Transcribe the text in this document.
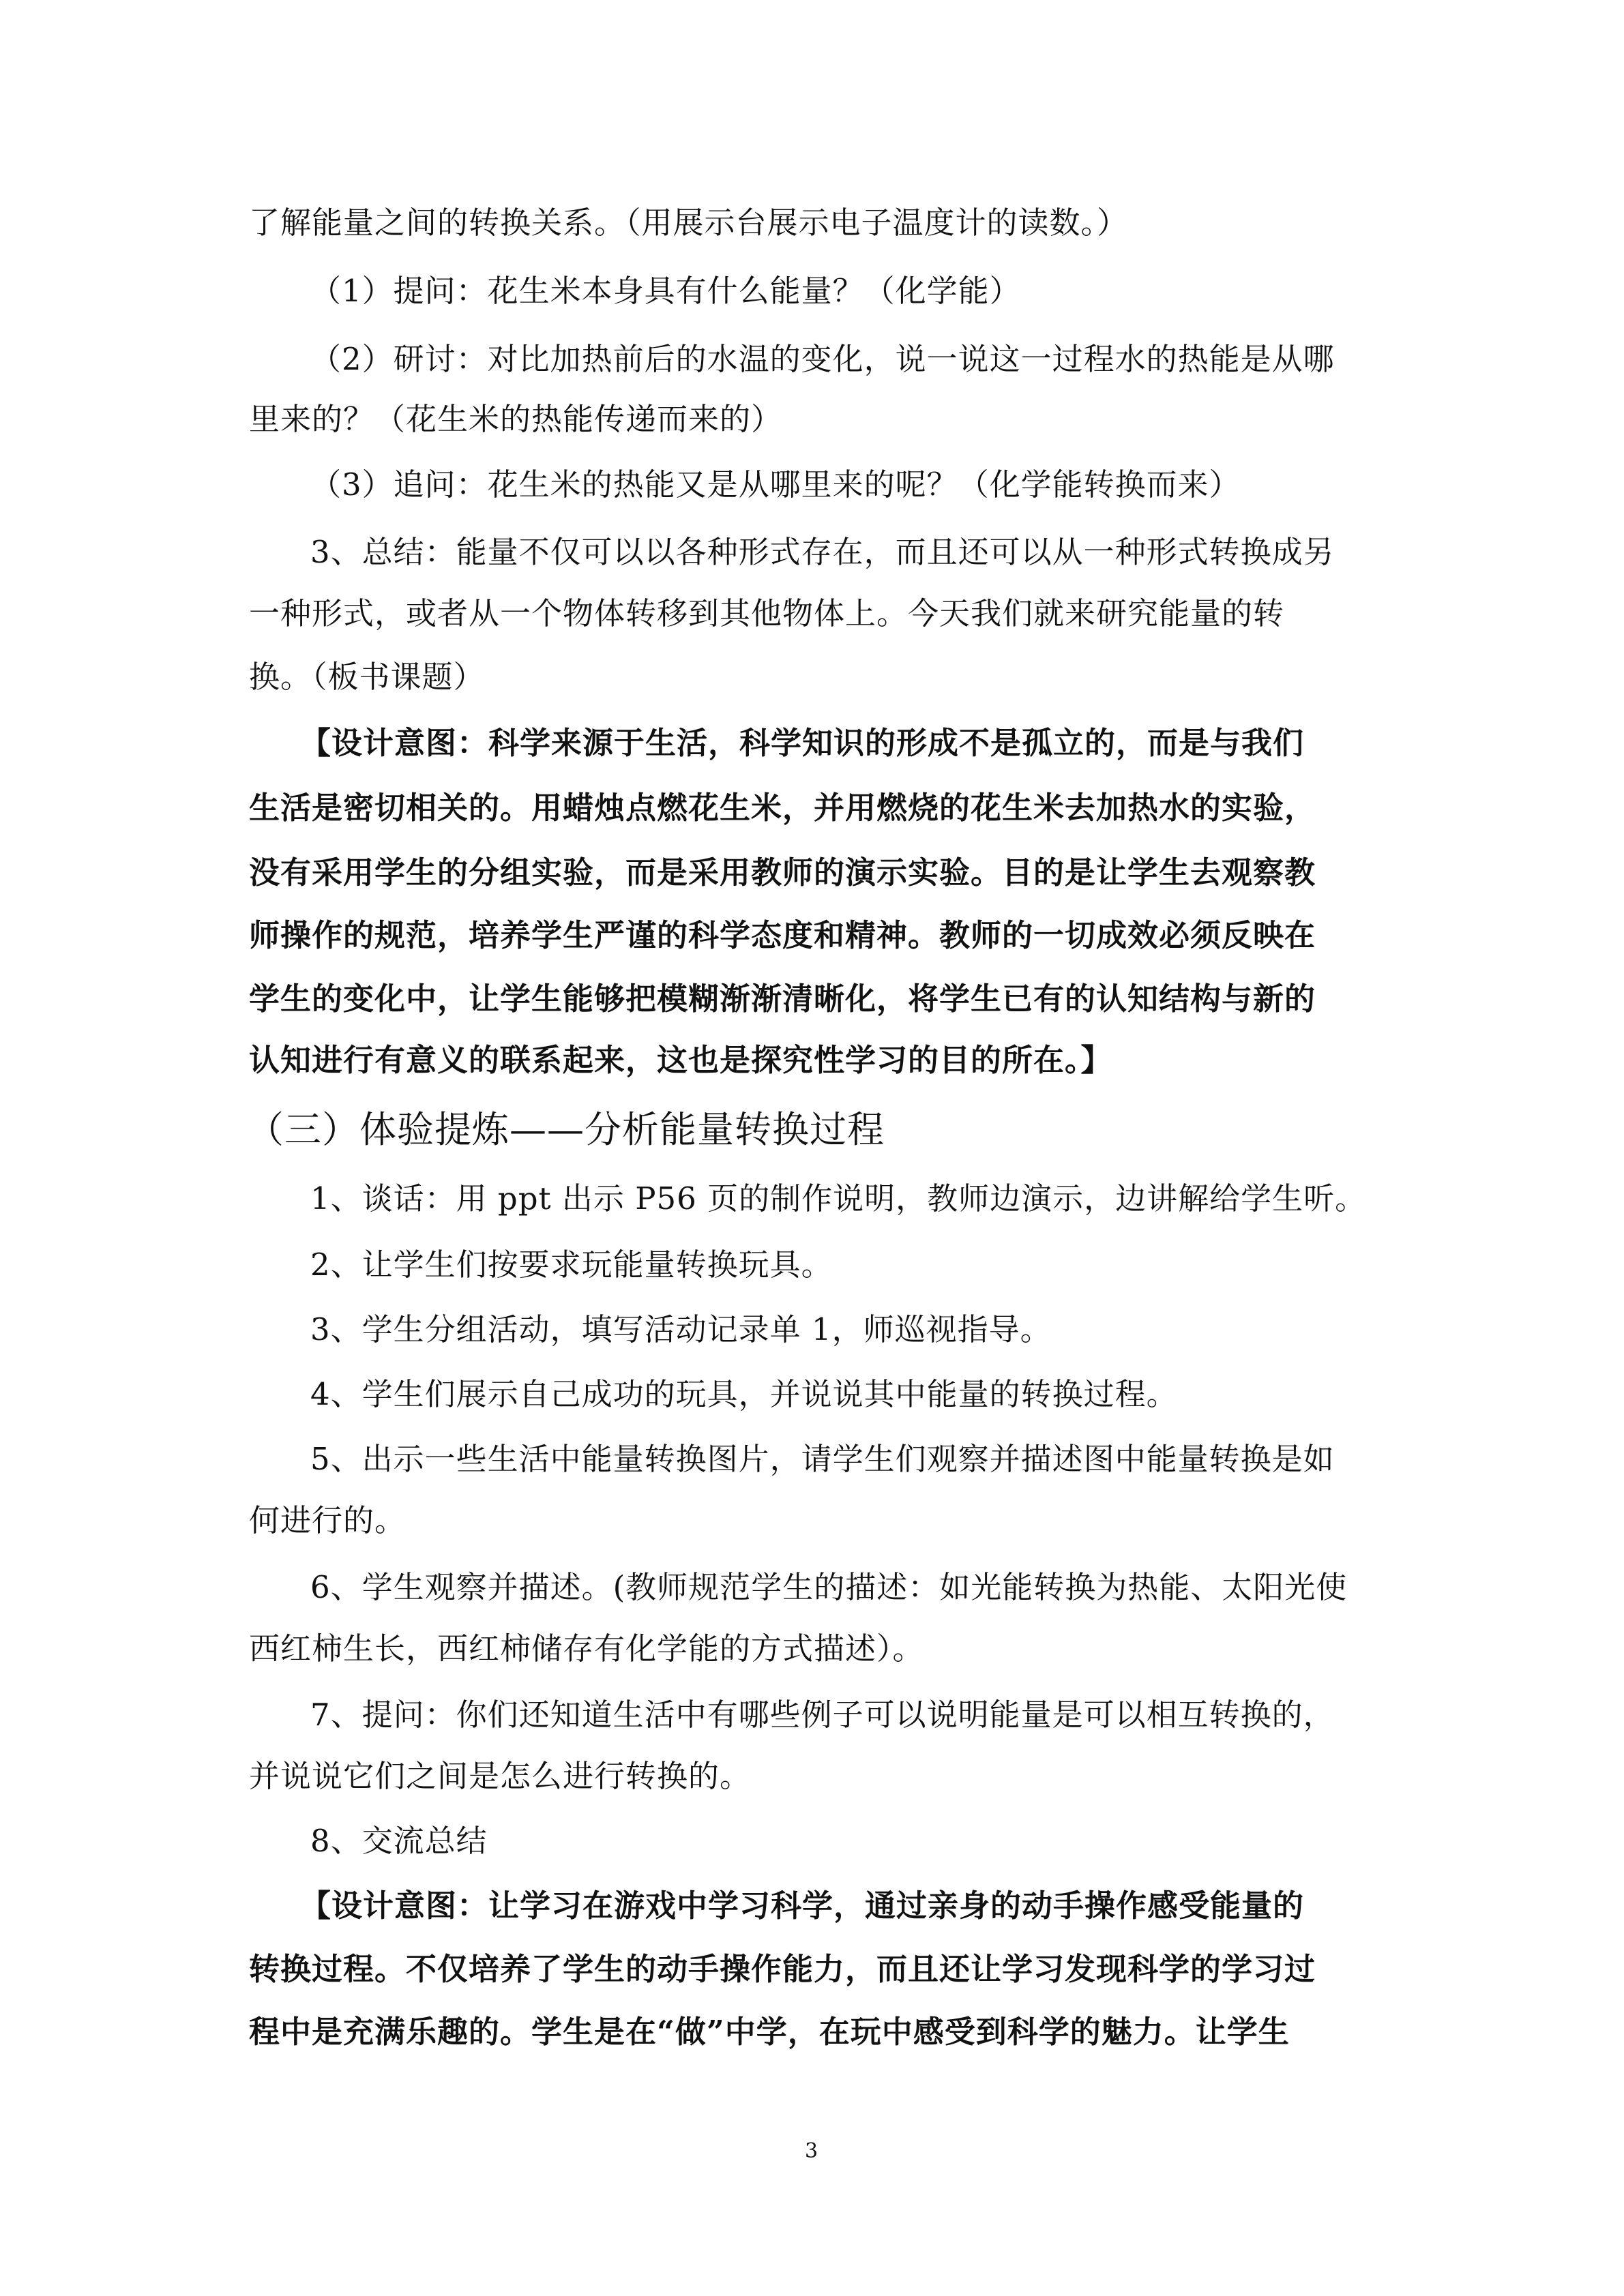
了解能量之间的转换关系。（用展示台展示电子温度计的读数。）
（1）提问：花生米本身具有什么能量？（化学能）
（2）研讨：对比加热前后的水温的变化，说一说这一过程水的热能是从哪
里来的？（花生米的热能传递而来的）
（3）追问：花生米的热能又是从哪里来的呢？（化学能转换而来）
3、总结：能量不仅可以以各种形式存在，而且还可以从一种形式转换成另
一种形式，或者从一个物体转移到其他物体上。今天我们就来研究能量的转
换。（板书课题）
【设计意图：科学来源于生活，科学知识的形成不是孤立的，而是与我们
生活是密切相关的。用蜡烛点燃花生米，并用燃烧的花生米去加热水的实验，
没有采用学生的分组实验，而是采用教师的演示实验。目的是让学生去观察教
师操作的规范，培养学生严谨的科学态度和精神。教师的一切成效必须反映在
学生的变化中，让学生能够把模糊渐渐清晰化，将学生已有的认知结构与新的
认知进行有意义的联系起来，这也是探究性学习的目的所在。】
（三）体验提炼——分析能量转换过程
1、谈话：用 ppt 出示 P56 页的制作说明，教师边演示，边讲解给学生听。
2、让学生们按要求玩能量转换玩具。
3、学生分组活动，填写活动记录单 1，师巡视指导。
4、学生们展示自己成功的玩具，并说说其中能量的转换过程。
5、出示一些生活中能量转换图片，请学生们观察并描述图中能量转换是如
何进行的。
6、学生观察并描述。(教师规范学生的描述：如光能转换为热能、太阳光使
西红柿生长，西红柿储存有化学能的方式描述）。
7、提问：你们还知道生活中有哪些例子可以说明能量是可以相互转换的，
并说说它们之间是怎么进行转换的。
8、交流总结
【设计意图：让学习在游戏中学习科学，通过亲身的动手操作感受能量的
转换过程。不仅培养了学生的动手操作能力，而且还让学习发现科学的学习过
程中是充满乐趣的。学生是在“做”中学，在玩中感受到科学的魅力。让学生
3
